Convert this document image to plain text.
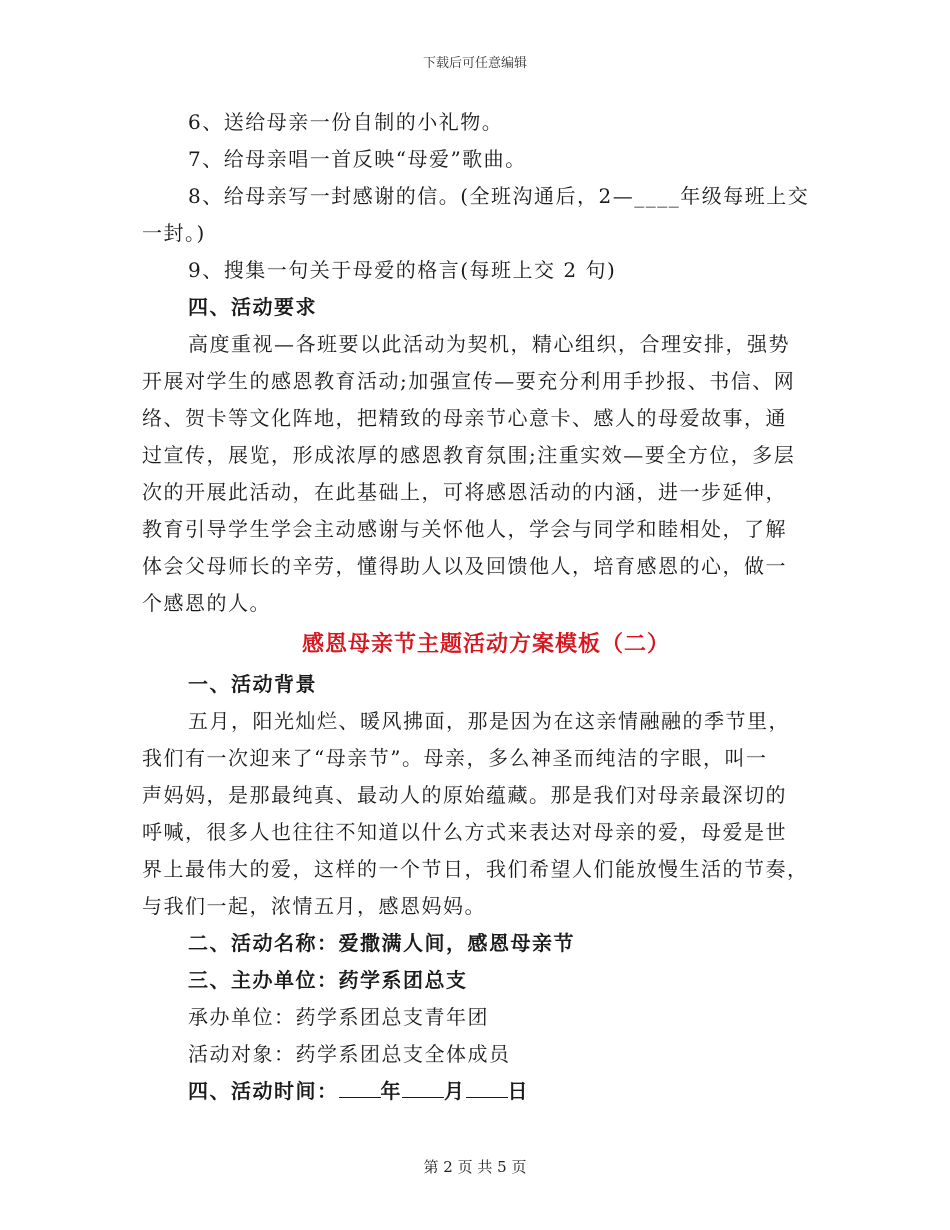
下载后可任意编辑
6、送给母亲一份自制的小礼物。
7、给母亲唱一首反映“母爱”歌曲。
8、给母亲写一封感谢的信。(全班沟通后，2—____年级每班上交
一封。)
9、搜集一句关于母爱的格言(每班上交 2 句)
四、活动要求
高度重视—各班要以此活动为契机，精心组织，合理安排，强势
开展对学生的感恩教育活动;加强宣传—要充分利用手抄报、书信、网
络、贺卡等文化阵地，把精致的母亲节心意卡、感人的母爱故事，通
过宣传，展览，形成浓厚的感恩教育氛围;注重实效—要全方位，多层
次的开展此活动，在此基础上，可将感恩活动的内涵，进一步延伸，
教育引导学生学会主动感谢与关怀他人，学会与同学和睦相处，了解
体会父母师长的辛劳，懂得助人以及回馈他人，培育感恩的心，做一
个感恩的人。
感恩母亲节主题活动方案模板（二）
一、活动背景
五月，阳光灿烂、暖风拂面，那是因为在这亲情融融的季节里，
我们有一次迎来了“母亲节”。母亲，多么神圣而纯洁的字眼，叫一
声妈妈，是那最纯真、最动人的原始蕴藏。那是我们对母亲最深切的
呼喊，很多人也往往不知道以什么方式来表达对母亲的爱，母爱是世
界上最伟大的爱，这样的一个节日，我们希望人们能放慢生活的节奏，
与我们一起，浓情五月，感恩妈妈。
二、活动名称：爱撒满人间，感恩母亲节
三、主办单位：药学系团总支
承办单位：药学系团总支青年团
活动对象：药学系团总支全体成员
四、活动时间： 年 月 日
第 2 页 共 5 页
